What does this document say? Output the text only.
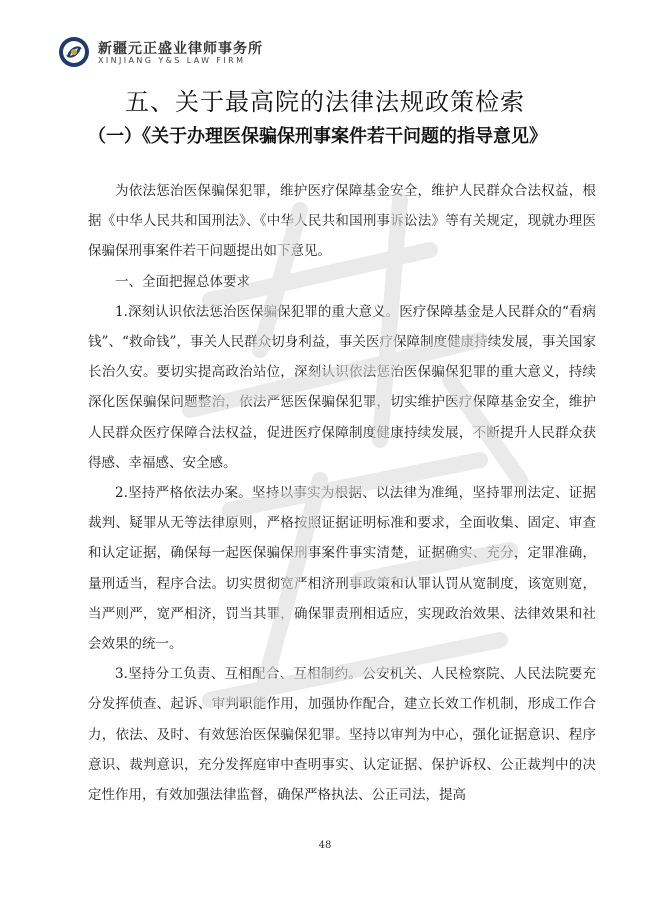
新疆元正盛业律师事务所
XINJIANG Y&S LAW FIRM
五、关于最高院的法律法规政策检索
（一）《关于办理医保骗保刑事案件若干问题的指导意见》

为依法惩治医保骗保犯罪，维护医疗保障基金安全，维护人民群众合法权益，根据《中华人民共和国刑法》、《中华人民共和国刑事诉讼法》等有关规定，现就办理医保骗保刑事案件若干问题提出如下意见。

一、全面把握总体要求

1.深刻认识依法惩治医保骗保犯罪的重大意义。医疗保障基金是人民群众的“看病钱”、“救命钱”，事关人民群众切身利益，事关医疗保障制度健康持续发展，事关国家长治久安。要切实提高政治站位，深刻认识依法惩治医保骗保犯罪的重大意义，持续深化医保骗保问题整治，依法严惩医保骗保犯罪，切实维护医疗保障基金安全，维护人民群众医疗保障合法权益，促进医疗保障制度健康持续发展，不断提升人民群众获得感、幸福感、安全感。

2.坚持严格依法办案。坚持以事实为根据、以法律为准绳，坚持罪刑法定、证据裁判、疑罪从无等法律原则，严格按照证据证明标准和要求，全面收集、固定、审查和认定证据，确保每一起医保骗保刑事案件事实清楚，证据确实、充分，定罪准确，量刑适当，程序合法。切实贯彻宽严相济刑事政策和认罪认罚从宽制度，该宽则宽，当严则严，宽严相济，罚当其罪，确保罪责刑相适应，实现政治效果、法律效果和社会效果的统一。

3.坚持分工负责、互相配合、互相制约。公安机关、人民检察院、人民法院要充分发挥侦查、起诉、审判职能作用，加强协作配合，建立长效工作机制，形成工作合力，依法、及时、有效惩治医保骗保犯罪。坚持以审判为中心，强化证据意识、程序意识、裁判意识，充分发挥庭审中查明事实、认定证据、保护诉权、公正裁判中的决定性作用，有效加强法律监督，确保严格执法、公正司法，提高

48
